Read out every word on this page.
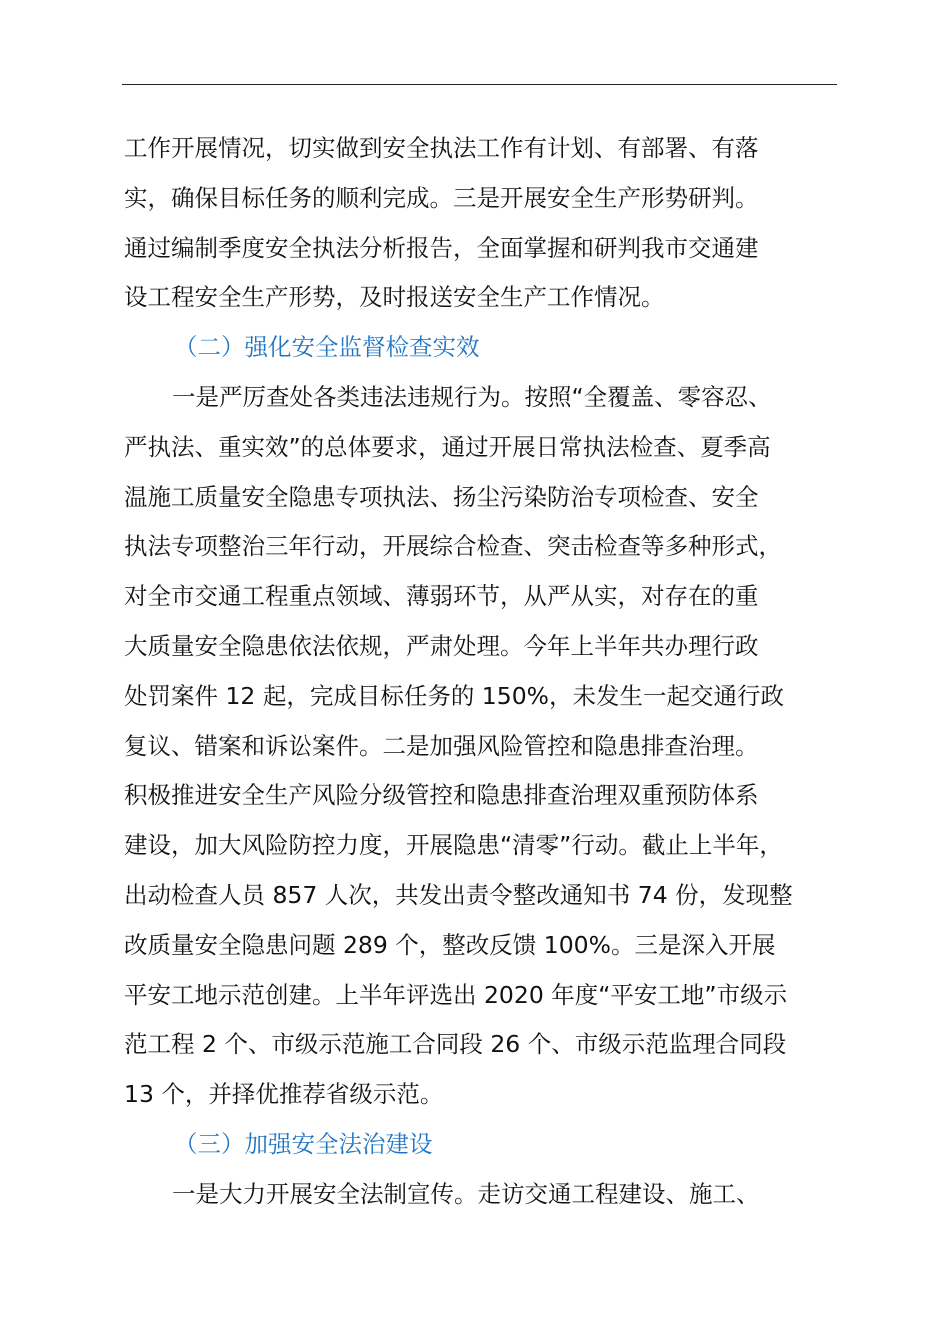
工作开展情况，切实做到安全执法工作有计划、有部署、有落
实，确保目标任务的顺利完成。三是开展安全生产形势研判。
通过编制季度安全执法分析报告，全面掌握和研判我市交通建
设工程安全生产形势，及时报送安全生产工作情况。
（二）强化安全监督检查实效
一是严厉查处各类违法违规行为。按照“全覆盖、零容忍、
严执法、重实效”的总体要求，通过开展日常执法检查、夏季高
温施工质量安全隐患专项执法、扬尘污染防治专项检查、安全
执法专项整治三年行动，开展综合检查、突击检查等多种形式，
对全市交通工程重点领域、薄弱环节，从严从实，对存在的重
大质量安全隐患依法依规，严肃处理。今年上半年共办理行政
处罚案件 12 起，完成目标任务的 150%，未发生一起交通行政
复议、错案和诉讼案件。二是加强风险管控和隐患排查治理。
积极推进安全生产风险分级管控和隐患排查治理双重预防体系
建设，加大风险防控力度，开展隐患“清零”行动。截止上半年，
出动检查人员 857 人次，共发出责令整改通知书 74 份，发现整
改质量安全隐患问题 289 个，整改反馈 100%。三是深入开展
平安工地示范创建。上半年评选出 2020 年度“平安工地”市级示
范工程 2 个、市级示范施工合同段 26 个、市级示范监理合同段
13 个，并择优推荐省级示范。
（三）加强安全法治建设
一是大力开展安全法制宣传。走访交通工程建设、施工、
